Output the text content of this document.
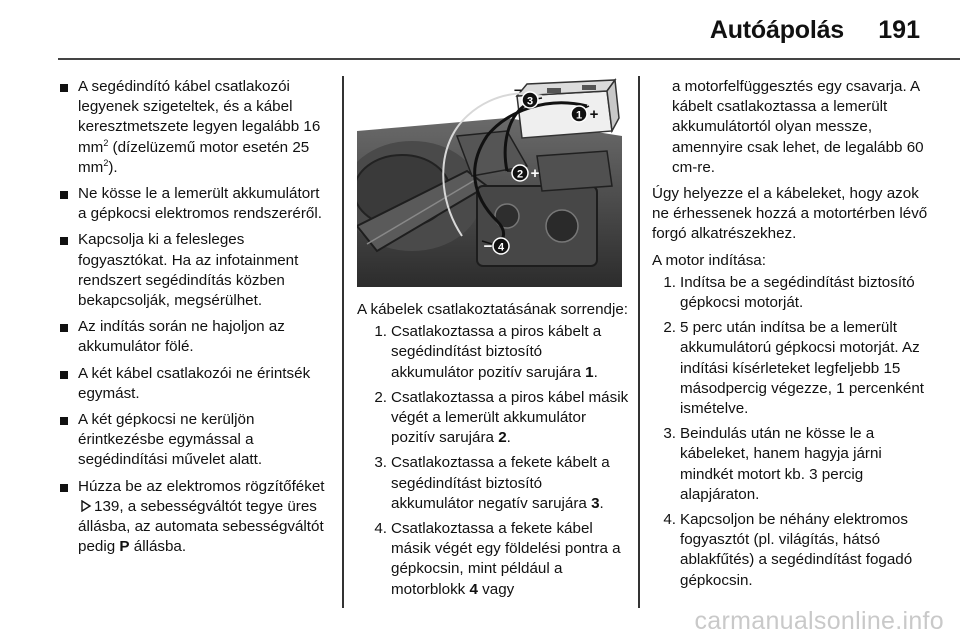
Autóápolás 191
A segédindító kábel csatlakozói legyenek szigeteltek, és a kábel keresztmetszete legyen legalább 16 $mm^2$ (dízelüzemű motor esetén 25 $mm^2$).
Ne kösse le a lemerült akkumulátort a gépkocsi elektromos rendszeréről.
Kapcsolja ki a felesleges fogyasztókat. Ha az infotainment rendszert segédindítás közben bekapcsolják, megsérülhet.
Az indítás során ne hajoljon az akkumulátor fölé.
A két kábel csatlakozói ne érintsék egymást.
A két gépkocsi ne kerüljön érintkezésbe egymással a segédindítási művelet alatt.
Húzza be az elektromos rögzítőféket 139, a sebességváltót tegye üres állásba, az automata sebességváltót pedig P állásba.
3
−
1 +
2 +
4
−
A kábelek csatlakoztatásának sorrendje:
1. Csatlakoztassa a piros kábelt a segédindítást biztosító akkumulátor pozitív sarujára 1.
2. Csatlakoztassa a piros kábel másik végét a lemerült akkumulátor pozitív sarujára 2.
3. Csatlakoztassa a fekete kábelt a segédindítást biztosító akkumulátor negatív sarujára 3.
4. Csatlakoztassa a fekete kábel másik végét egy földelési pontra a gépkocsin, mint például a motorblokk 4 vagy
a motorfelfüggesztés egy csavarja. A kábelt csatlakoztassa a lemerült akkumulátortól olyan messze, amennyire csak lehet, de legalább 60 cm-re.
Úgy helyezze el a kábeleket, hogy azok ne érhessenek hozzá a motortérben lévő forgó alkatrészekhez.
A motor indítása:
1. Indítsa be a segédindítást biztosító gépkocsi motorját.
2. 5 perc után indítsa be a lemerült akkumulátorú gépkocsi motorját. Az indítási kísérleteket legfeljebb 15 másodpercig végezze, 1 percenként ismételve.
3. Beindulás után ne kösse le a kábeleket, hanem hagyja járni mindkét motort kb. 3 percig alapjáraton.
4. Kapcsoljon be néhány elektromos fogyasztót (pl. világítás, hátsó ablakfűtés) a segédindítást fogadó gépkocsin.
carmanualsonline.info
